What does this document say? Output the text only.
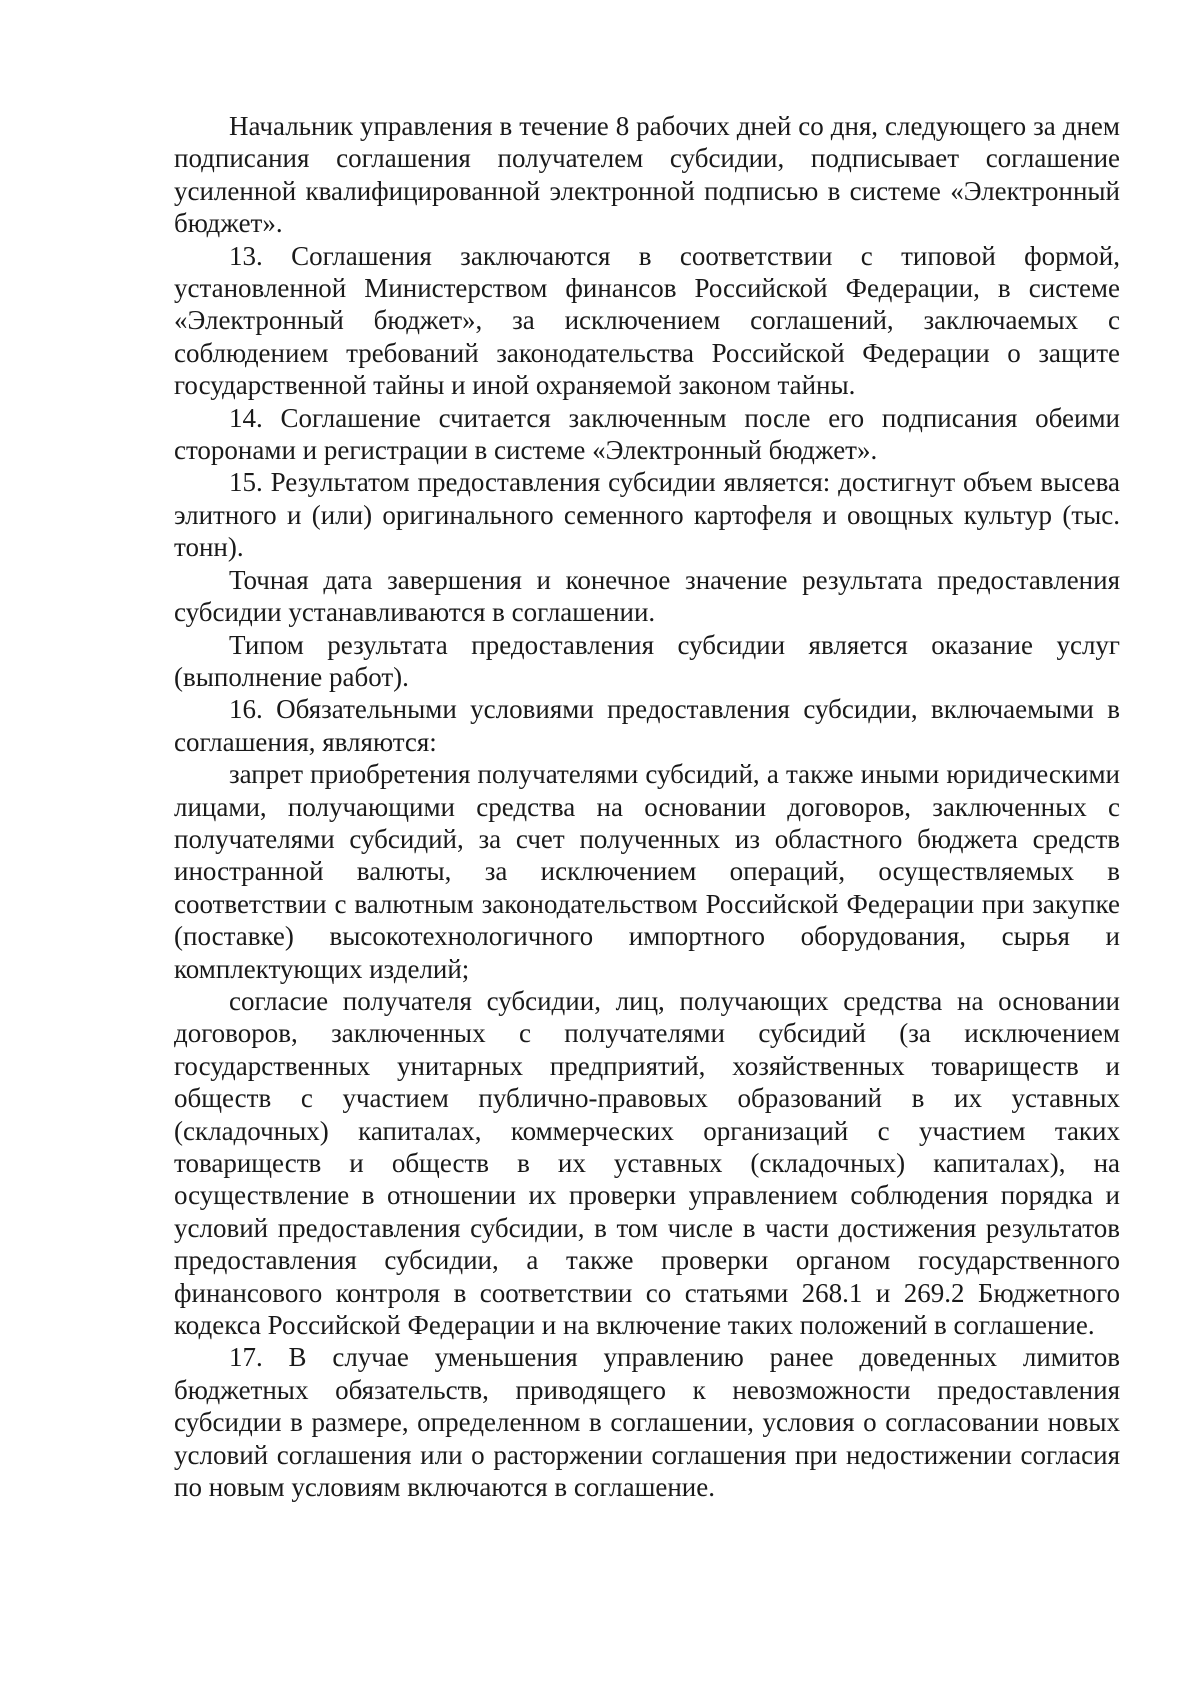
Начальник управления в течение 8 рабочих дней со дня, следующего за днем подписания соглашения получателем субсидии, подписывает соглашение усиленной квалифицированной электронной подписью в системе «Электронный бюджет».

13. Соглашения заключаются в соответствии с типовой формой, установленной Министерством финансов Российской Федерации, в системе «Электронный бюджет», за исключением соглашений, заключаемых с соблюдением требований законодательства Российской Федерации о защите государственной тайны и иной охраняемой законом тайны.

14. Соглашение считается заключенным после его подписания обеими сторонами и регистрации в системе «Электронный бюджет».

15. Результатом предоставления субсидии является: достигнут объем высева элитного и (или) оригинального семенного картофеля и овощных культур (тыс. тонн).

Точная дата завершения и конечное значение результата предоставления субсидии устанавливаются в соглашении.

Типом результата предоставления субсидии является оказание услуг (выполнение работ).

16. Обязательными условиями предоставления субсидии, включаемыми в соглашения, являются:

запрет приобретения получателями субсидий, а также иными юридическими лицами, получающими средства на основании договоров, заключенных с получателями субсидий, за счет полученных из областного бюджета средств иностранной валюты, за исключением операций, осуществляемых в соответствии с валютным законодательством Российской Федерации при закупке (поставке) высокотехнологичного импортного оборудования, сырья и комплектующих изделий;

согласие получателя субсидии, лиц, получающих средства на основании договоров, заключенных с получателями субсидий (за исключением государственных унитарных предприятий, хозяйственных товариществ и обществ с участием публично-правовых образований в их уставных (складочных) капиталах, коммерческих организаций с участием таких товариществ и обществ в их уставных (складочных) капиталах), на осуществление в отношении их проверки управлением соблюдения порядка и условий предоставления субсидии, в том числе в части достижения результатов предоставления субсидии, а также проверки органом государственного финансового контроля в соответствии со статьями 268.1 и 269.2 Бюджетного кодекса Российской Федерации и на включение таких положений в соглашение.

17. В случае уменьшения управлению ранее доведенных лимитов бюджетных обязательств, приводящего к невозможности предоставления субсидии в размере, определенном в соглашении, условия о согласовании новых условий соглашения или о расторжении соглашения при недостижении согласия по новым условиям включаются в соглашение.
